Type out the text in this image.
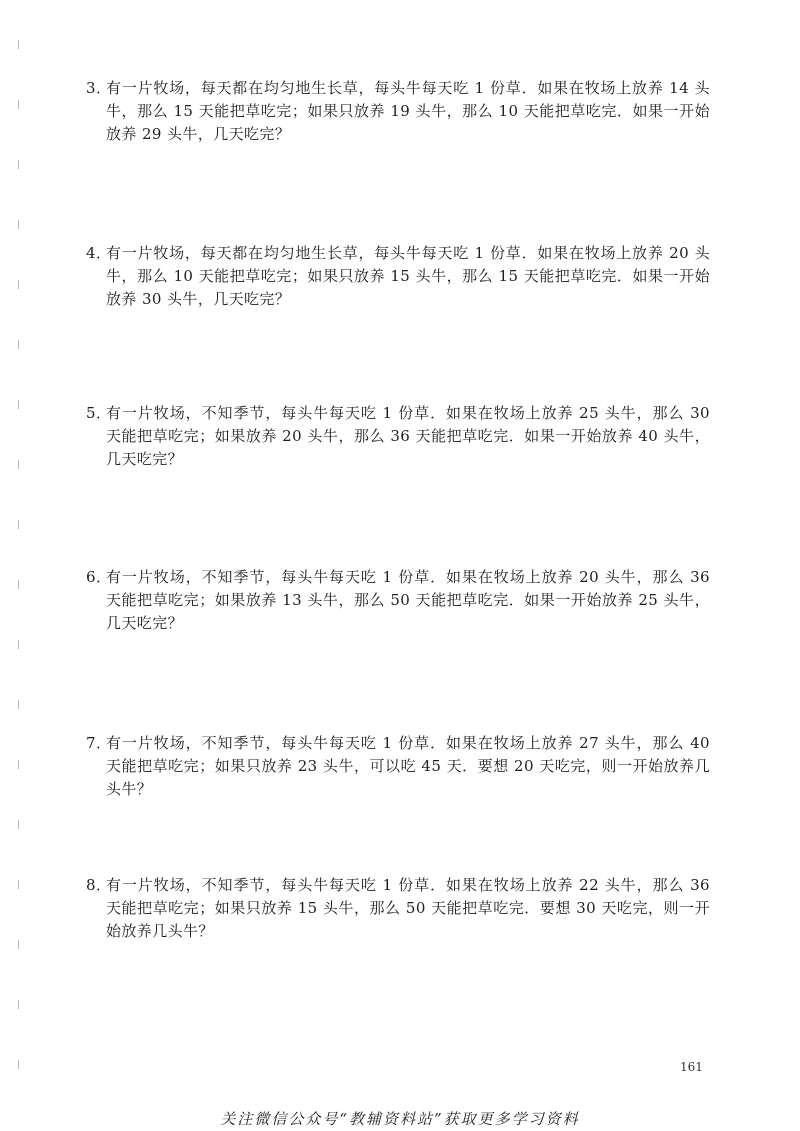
3．
有一片牧场，每天都在均匀地生长草，每头牛每天吃 1 份草．如果在牧场上放养 14 头牛，那么 15 天能把草吃完；如果只放养 19 头牛，那么 10 天能把草吃完．如果一开始放养 29 头牛，几天吃完？
4．
有一片牧场，每天都在均匀地生长草，每头牛每天吃 1 份草．如果在牧场上放养 20 头牛，那么 10 天能把草吃完；如果只放养 15 头牛，那么 15 天能把草吃完．如果一开始放养 30 头牛，几天吃完？
5．
有一片牧场，不知季节，每头牛每天吃 1 份草．如果在牧场上放养 25 头牛，那么 30 天能把草吃完；如果放养 20 头牛，那么 36 天能把草吃完．如果一开始放养 40 头牛，几天吃完？
6．
有一片牧场，不知季节，每头牛每天吃 1 份草．如果在牧场上放养 20 头牛，那么 36 天能把草吃完；如果放养 13 头牛，那么 50 天能把草吃完．如果一开始放养 25 头牛，几天吃完？
7．
有一片牧场，不知季节，每头牛每天吃 1 份草．如果在牧场上放养 27 头牛，那么 40 天能把草吃完；如果只放养 23 头牛，可以吃 45 天．要想 20 天吃完，则一开始放养几头牛？
8．
有一片牧场，不知季节，每头牛每天吃 1 份草．如果在牧场上放养 22 头牛，那么 36 天能把草吃完；如果只放养 15 头牛，那么 50 天能把草吃完．要想 30 天吃完，则一开始放养几头牛？
161
关注微信公众号“教辅资料站”获取更多学习资料
